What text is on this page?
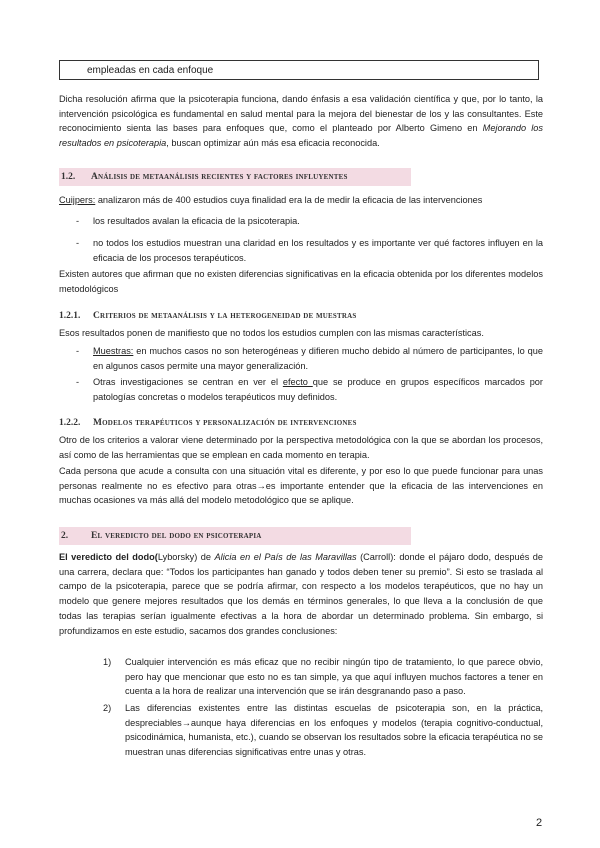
empleadas en cada enfoque

Dicha resolución afirma que la psicoterapia funciona, dando énfasis a esa validación científica y que, por lo tanto, la intervención psicológica es fundamental en salud mental para la mejora del bienestar de los y las consultantes. Este reconocimiento sienta las bases para enfoques que, como el planteado por Alberto Gimeno en Mejorando los resultados en psicoterapia, buscan optimizar aún más esa eficacia reconocida.

1.2. Análisis de metaanálisis recientes y factores influyentes

Cuijpers: analizaron más de 400 estudios cuya finalidad era la de medir la eficacia de las intervenciones

- los resultados avalan la eficacia de la psicoterapia.
- no todos los estudios muestran una claridad en los resultados y es importante ver qué factores influyen en la eficacia de los procesos terapéuticos.

Existen autores que afirman que no existen diferencias significativas en la eficacia obtenida por los diferentes modelos metodológicos

1.2.1. Criterios de metaanálisis y la heterogeneidad de muestras

Esos resultados ponen de manifiesto que no todos los estudios cumplen con las mismas características.

- Muestras: en muchos casos no son heterogéneas y difieren mucho debido al número de participantes, lo que en algunos casos permite una mayor generalización.
- Otras investigaciones se centran en ver el efecto que se produce en grupos específicos marcados por patologías concretas o modelos terapéuticos muy definidos.
1.2.2. Modelos terapéuticos y personalización de intervenciones

Otro de los criterios a valorar viene determinado por la perspectiva metodológica con la que se abordan los procesos, así como de las herramientas que se emplean en cada momento en terapia.

Cada persona que acude a consulta con una situación vital es diferente, y por eso lo que puede funcionar para unas personas realmente no es efectivo para otras→es importante entender que la eficacia de las intervenciones en muchas ocasiones va más allá del modelo metodológico que se aplique.

2. El veredicto del dodo en psicoterapia

El veredicto del dodo(Lyborsky) de Alicia en el País de las Maravillas (Carroll): donde el pájaro dodo, después de una carrera, declara que: “Todos los participantes han ganado y todos deben tener su premio”. Si esto se traslada al campo de la psicoterapia, parece que se podría afirmar, con respecto a los modelos terapéuticos, que no hay un modelo que genere mejores resultados que los demás en términos generales, lo que lleva a la conclusión de que todas las terapias serían igualmente efectivas a la hora de abordar un determinado problema. Sin embargo, si profundizamos en este estudio, sacamos dos grandes conclusiones:

1) Cualquier intervención es más eficaz que no recibir ningún tipo de tratamiento, lo que parece obvio, pero hay que mencionar que esto no es tan simple, ya que aquí influyen muchos factores a tener en cuenta a la hora de realizar una intervención que se irán desgranando paso a paso.
2) Las diferencias existentes entre las distintas escuelas de psicoterapia son, en la práctica, despreciables→aunque haya diferencias en los enfoques y modelos (terapia cognitivo-conductual, psicodinámica, humanista, etc.), cuando se observan los resultados sobre la eficacia terapéutica no se muestran unas diferencias significativas entre unas y otras.
2
